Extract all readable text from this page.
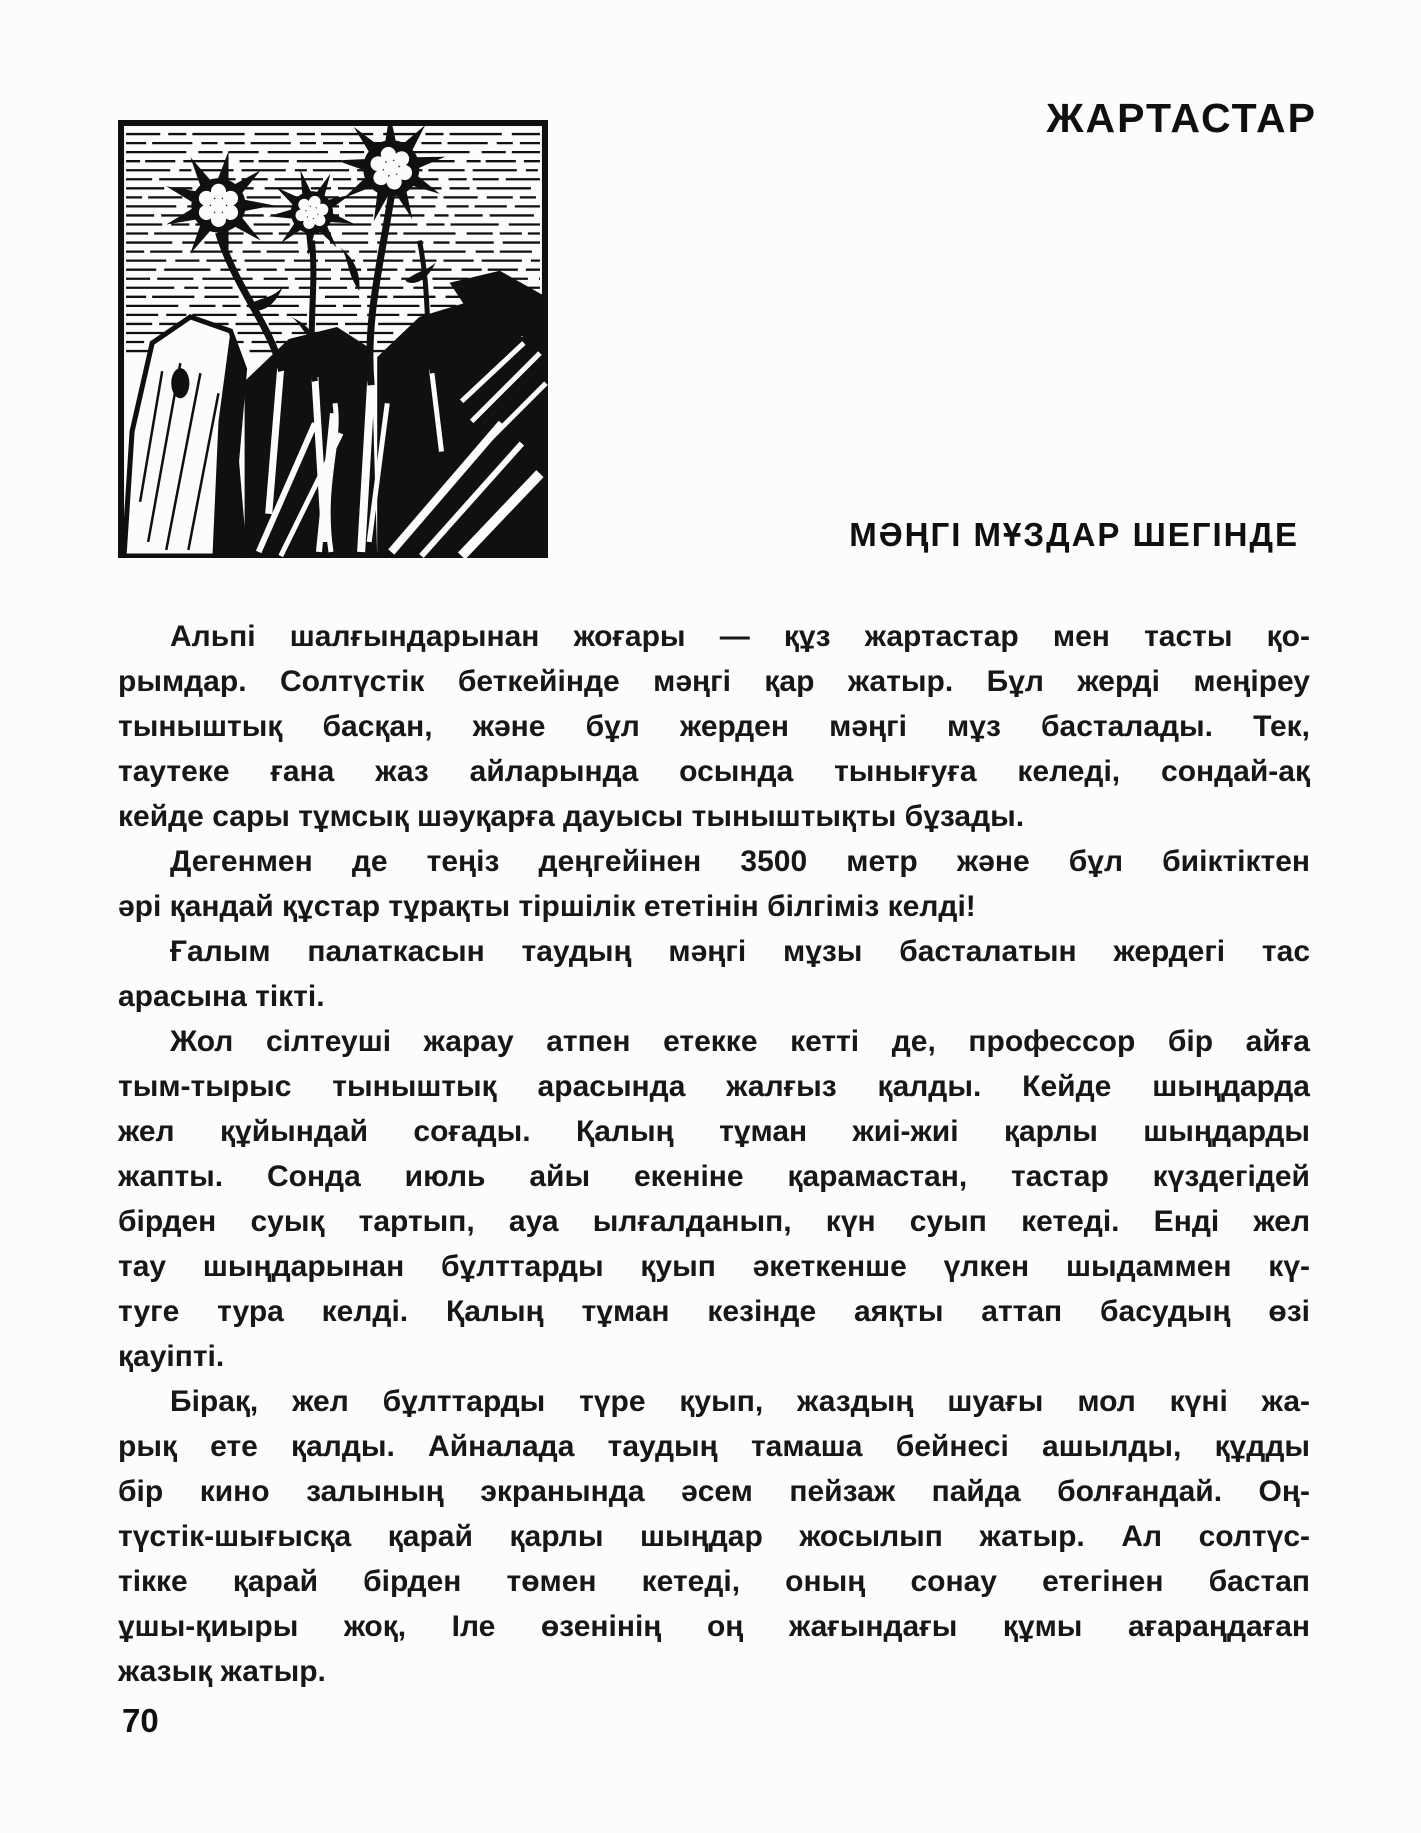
ЖАРТАСТАР
МӘҢГІ МҰЗДАР ШЕГІНДЕ
Альпі шалғындарынан жоғары — құз жартастар мен тасты қо-
рымдар. Солтүстік беткейінде мәңгі қар жатыр. Бұл жерді меңіреу
тыныштық басқан, және бұл жерден мәңгі мұз басталады. Тек,
таутеке ғана жаз айларында осында тынығуға келеді, сондай-ақ
кейде сары тұмсық шәуқарға дауысы тыныштықты бұзады.
Дегенмен де теңіз деңгейінен 3500 метр және бұл биіктіктен
әрі қандай құстар тұрақты тіршілік ететінін білгіміз келді!
Ғалым палаткасын таудың мәңгі мұзы басталатын жердегі тас
арасына тікті.
Жол сілтеуші жарау атпен етекке кетті де, профессор бір айға
тым-тырыс тыныштық арасында жалғыз қалды. Кейде шыңдарда
жел құйындай соғады. Қалың тұман жиі-жиі қарлы шыңдарды
жапты. Сонда июль айы екеніне қарамастан, тастар күздегідей
бірден суық тартып, ауа ылғалданып, күн суып кетеді. Енді жел
тау шыңдарынан бұлттарды қуып әкеткенше үлкен шыдаммен кү-
туге тура келді. Қалың тұман кезінде аяқты аттап басудың өзі
қауіпті.
Бірақ, жел бұлттарды түре қуып, жаздың шуағы мол күні жа-
рық ете қалды. Айналада таудың тамаша бейнесі ашылды, құдды
бір кино залының экранында әсем пейзаж пайда болғандай. Оң-
түстік-шығысқа қарай қарлы шыңдар жосылып жатыр. Ал солтүс-
тікке қарай бірден төмен кетеді, оның сонау етегінен бастап
ұшы-қиыры жоқ, Іле өзенінің оң жағындағы құмы ағараңдаған
жазық жатыр.
70
